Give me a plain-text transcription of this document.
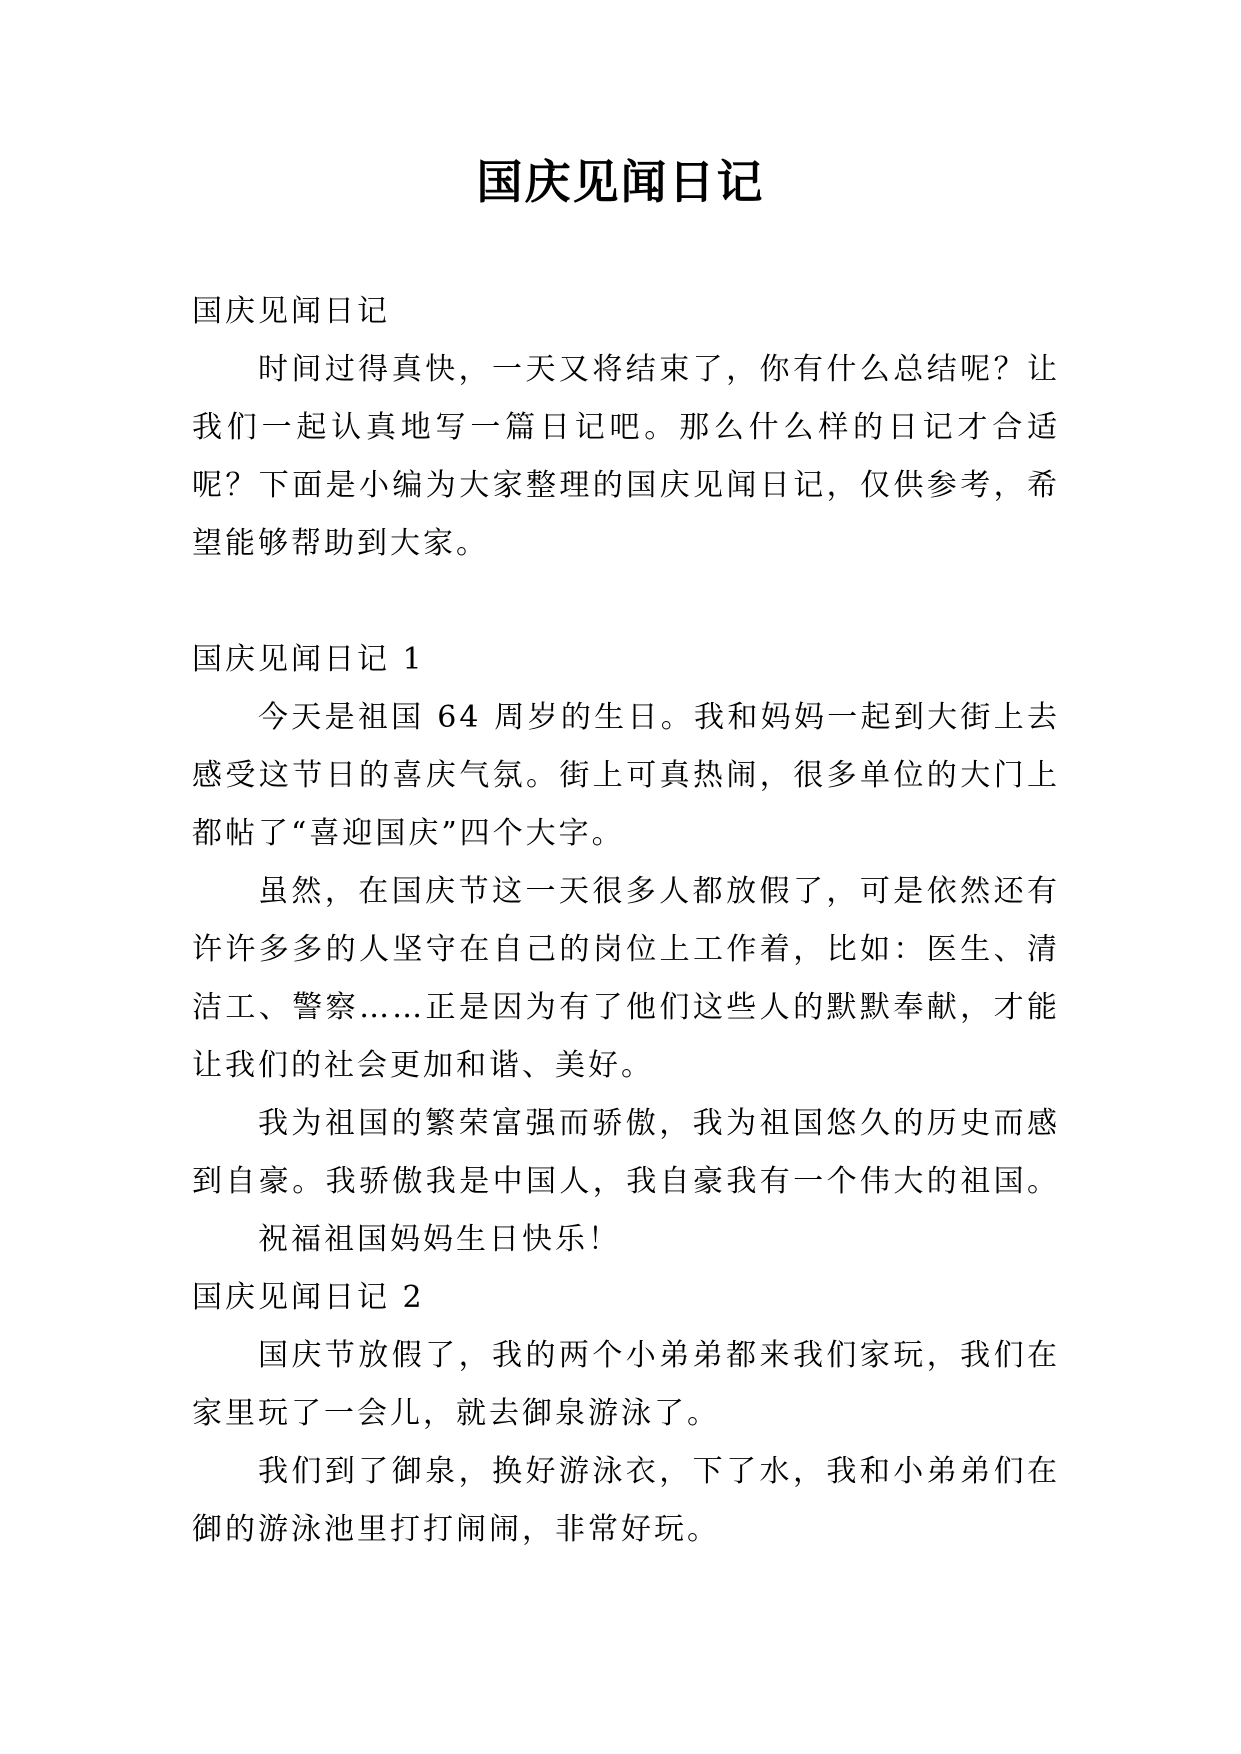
国庆见闻日记
国庆见闻日记
时间过得真快，一天又将结束了，你有什么总结呢？让
我们一起认真地写一篇日记吧。那么什么样的日记才合适
呢？下面是小编为大家整理的国庆见闻日记，仅供参考，希
望能够帮助到大家。
国庆见闻日记 1
今天是祖国 64 周岁的生日。我和妈妈一起到大街上去
感受这节日的喜庆气氛。街上可真热闹，很多单位的大门上
都帖了“喜迎国庆”四个大字。
虽然，在国庆节这一天很多人都放假了，可是依然还有
许许多多的人坚守在自己的岗位上工作着，比如：医生、清
洁工、警察……正是因为有了他们这些人的默默奉献，才能
让我们的社会更加和谐、美好。
我为祖国的繁荣富强而骄傲，我为祖国悠久的历史而感
到自豪。我骄傲我是中国人，我自豪我有一个伟大的祖国。
祝福祖国妈妈生日快乐！
国庆见闻日记 2
国庆节放假了，我的两个小弟弟都来我们家玩，我们在
家里玩了一会儿，就去御泉游泳了。
我们到了御泉，换好游泳衣，下了水，我和小弟弟们在
御的游泳池里打打闹闹，非常好玩。
